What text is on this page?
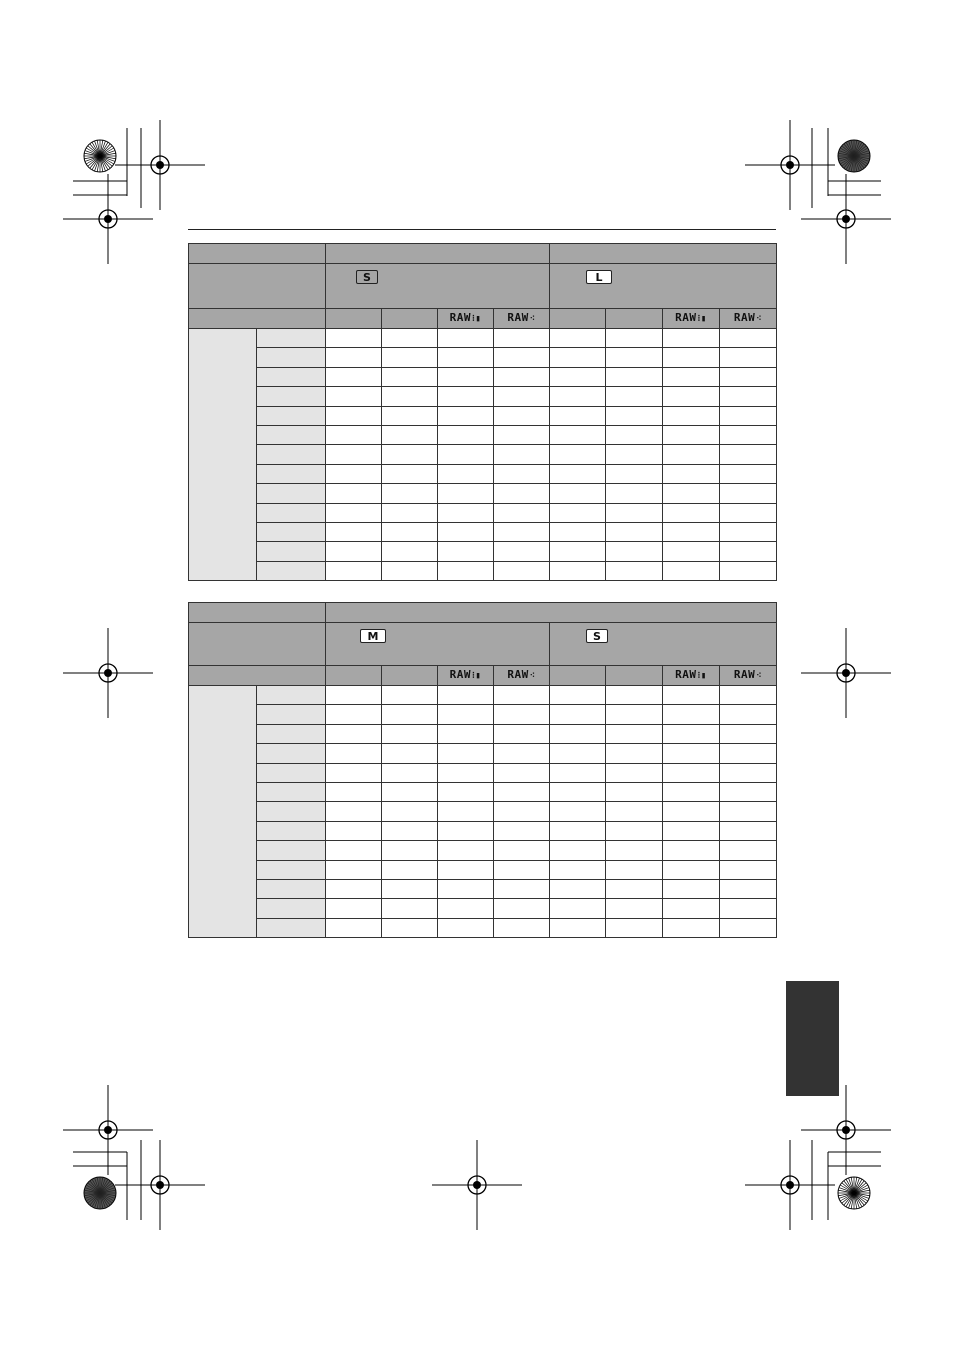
		S				L			
				RAW⁝▮	RAW⁖			RAW⁝▮	RAW⁖

		M				S			
				RAW⁝▮	RAW⁖			RAW⁝▮	RAW⁖
